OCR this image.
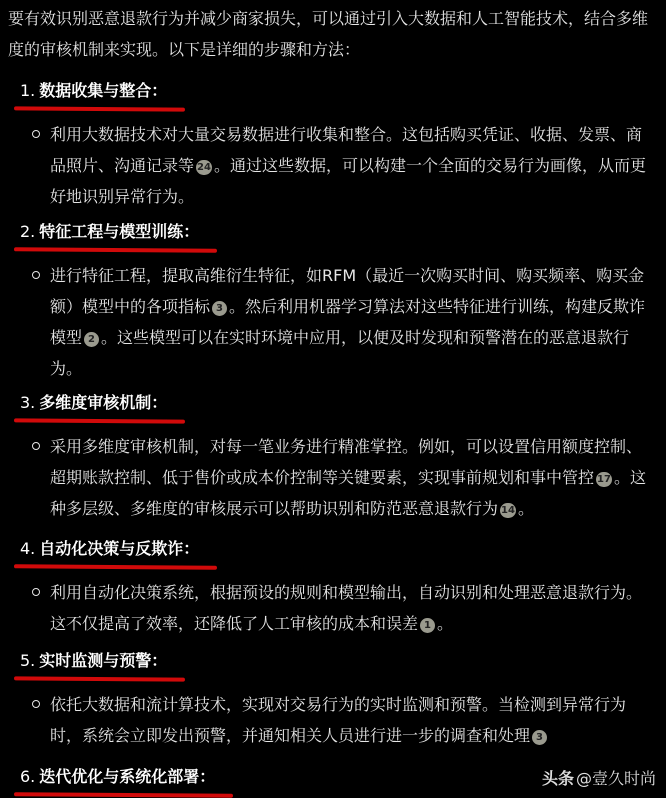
要有效识别恶意退款行为并减少商家损失，可以通过引入大数据和人工智能技术，结合多维度的审核机制来实现。以下是详细的步骤和方法：

1. 数据收集与整合：

利用大数据技术对大量交易数据进行收集和整合。这包括购买凭证、收据、发票、商品照片、沟通记录等 24 。通过这些数据，可以构建一个全面的交易行为画像，从而更好地识别异常行为。

2. 特征工程与模型训练：

进行特征工程，提取高维衍生特征，如RFM（最近一次购买时间、购买频率、购买金额）模型中的各项指标 3 。然后利用机器学习算法对这些特征进行训练，构建反欺诈模型 2 。这些模型可以在实时环境中应用，以便及时发现和预警潜在的恶意退款行为。

3. 多维度审核机制：

采用多维度审核机制，对每一笔业务进行精准掌控。例如，可以设置信用额度控制、超期账款控制、低于售价或成本价控制等关键要素，实现事前规划和事中管控 17 。这种多层级、多维度的审核展示可以帮助识别和防范恶意退款行为 14 。

4. 自动化决策与反欺诈：

利用自动化决策系统，根据预设的规则和模型输出，自动识别和处理恶意退款行为。这不仅提高了效率，还降低了人工审核的成本和误差 1 。

5. 实时监测与预警：

依托大数据和流计算技术，实现对交易行为的实时监测和预警。当检测到异常行为时，系统会立即发出预警，并通知相关人员进行进一步的调查和处理 3

6. 迭代优化与系统化部署：	头条 @壹久时尚
